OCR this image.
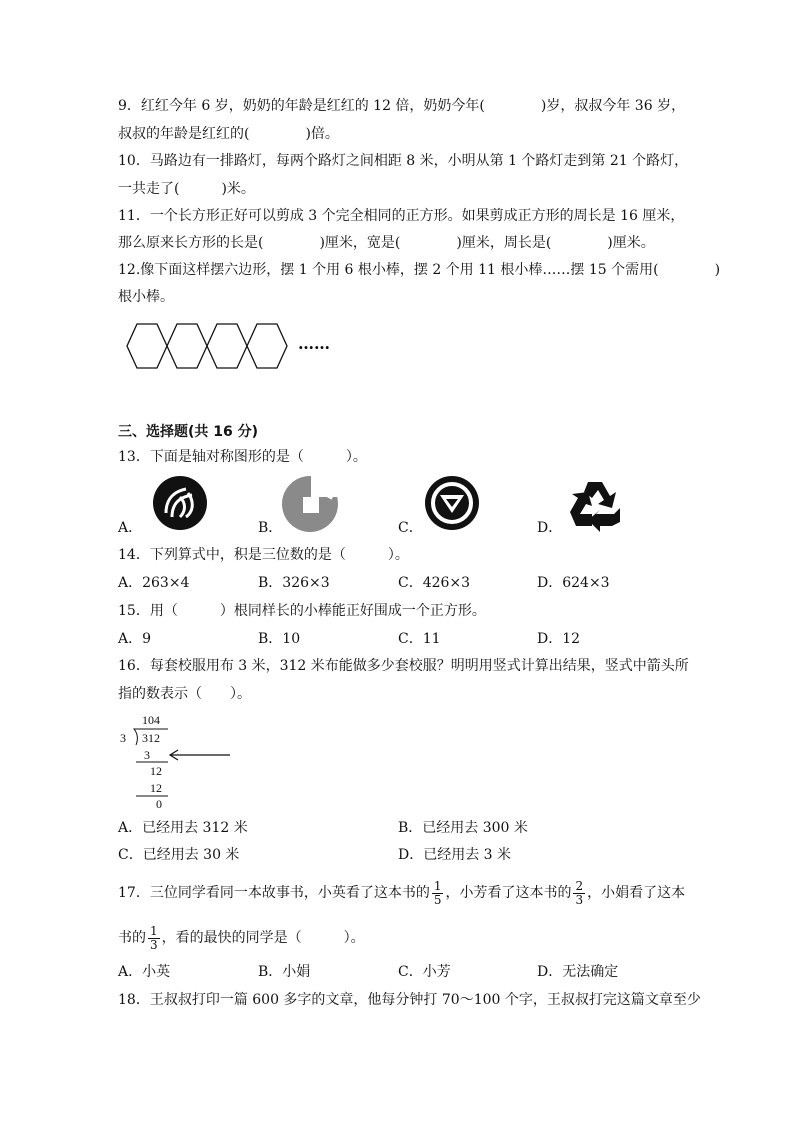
9．红红今年 6 岁，奶奶的年龄是红红的 12 倍，奶奶今年(　　　　)岁，叔叔今年 36 岁，
叔叔的年龄是红红的(　　　　)倍。
10．马路边有一排路灯，每两个路灯之间相距 8 米，小明从第 1 个路灯走到第 21 个路灯，
一共走了(　　　)米。
11．一个长方形正好可以剪成 3 个完全相同的正方形。如果剪成正方形的周长是 16 厘米，
那么原来长方形的长是(　　　　)厘米，宽是(　　　　)厘米，周长是(　　　　)厘米。
12.像下面这样摆六边形，摆 1 个用 6 根小棒，摆 2 个用 11 根小棒……摆 15 个需用(　　　　)
根小棒。
……
三、选择题(共 16 分)
13．下面是轴对称图形的是（　　　）。
A．	B．	C．	D．
14．下列算式中，积是三位数的是（　　　）。
A．263×4	B．326×3	C．426×3	D．624×3
15．用（　　　）根同样长的小棒能正好围成一个正方形。
A．9	B．10	C．11	D．12
16．每套校服用布 3 米，312 米布能做多少套校服？明明用竖式计算出结果，竖式中箭头所
指的数表示（　　）。
104
3 312
3
12
12
0
A．已经用去 312 米	B．已经用去 300 米
C．已经用去 30 米	D．已经用去 3 米
17．三位同学看同一本故事书，小英看了这本书的 $\frac{1}{5}$ ，小芳看了这本书的 $\frac{2}{3}$ ，小娟看了这本
书的 $\frac{1}{3}$ ，看的最快的同学是（　　　）。
A．小英	B．小娟	C．小芳	D．无法确定
18．王叔叔打印一篇 600 多字的文章，他每分钟打 70～100 个字，王叔叔打完这篇文章至少
